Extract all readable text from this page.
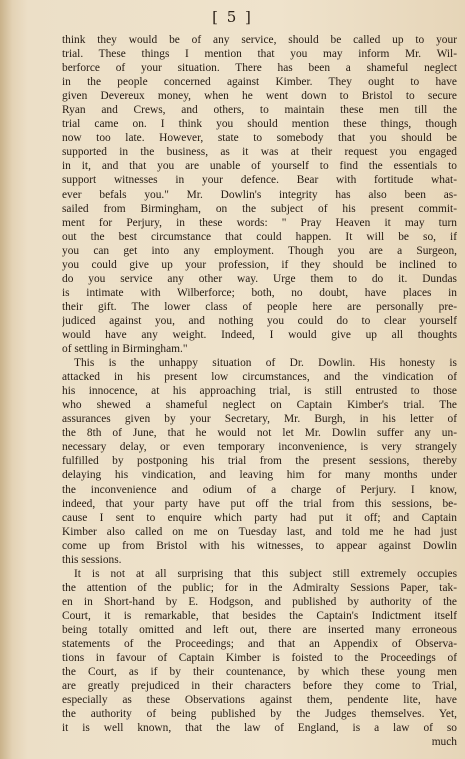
[ 5 ]
“ think they would be of any service, should be called up to your
“ trial. These things I mention that you may inform Mr. Wil-
“ berforce of your situation. There has been a shameful neglect
“ in the people concerned against Kimber. They ought to have
“ given Devereux money, when he went down to Bristol to secure
“ Ryan and Crews, and others, to maintain these men till the
“ trial came on. I think you should mention these things, though
“ now too late. However, state to somebody that you should be
“ supported in the business, as it was at their request you engaged
“ in it, and that you are unable of yourself to find the essentials to
“ support witnesses in your defence. Bear with fortitude what-
“ ever befals you." Mr. Dowlin's integrity has also been as-
sailed from Birmingham, on the subject of his present commit-
ment for Perjury, in these words: " Pray Heaven it may turn
“ out the best circumstance that could happen. It will be so, if
“ you can get into any employment. Though you are a Surgeon,
“ you could give up your profession, if they should be inclined to
“ do you service any other way. Urge them to do it. Dundas
“ is intimate with Wilberforce; both, no doubt, have places in
“ their gift. The lower class of people here are personally pre-
“ judiced against you, and nothing you could do to clear yourself
“ would have any weight. Indeed, I would give up all thoughts
“ of settling in Birmingham."
This is the unhappy situation of Dr. Dowlin. His honesty is
attacked in his present low circumstances, and the vindication of
his innocence, at his approaching trial, is still entrusted to those
who shewed a shameful neglect on Captain Kimber's trial. The
assurances given by your Secretary, Mr. Burgh, in his letter of
the 8th of June, that he would not let Mr. Dowlin suffer any un-
necessary delay, or even temporary inconvenience, is very strangely
fulfilled by postponing his trial from the present sessions, thereby
delaying his vindication, and leaving him for many months under
the inconvenience and odium of a charge of Perjury. I know,
indeed, that your party have put off the trial from this sessions, be-
cause I sent to enquire which party had put it off; and Captain
Kimber also called on me on Tuesday last, and told me he had just
come up from Bristol with his witnesses, to appear against Dowlin
this sessions.
It is not at all surprising that this subject still extremely occupies
the attention of the public; for in the Admiralty Sessions Paper, tak-
en in Short-hand by E. Hodgson, and published by authority of the
Court, it is remarkable, that besides the Captain's Indictment itself
being totally omitted and left out, there are inserted many erroneous
statements of the Proceedings; and that an Appendix of Observa-
tions in favour of Captain Kimber is foisted to the Proceedings of
the Court, as if by their countenance, by which these young men
are greatly prejudiced in their characters before they come to Trial,
especially as these Observations against them, pendente lite, have
the authority of being published by the Judges themselves. Yet,
it is well known, that the law of England, is a law of so
much
